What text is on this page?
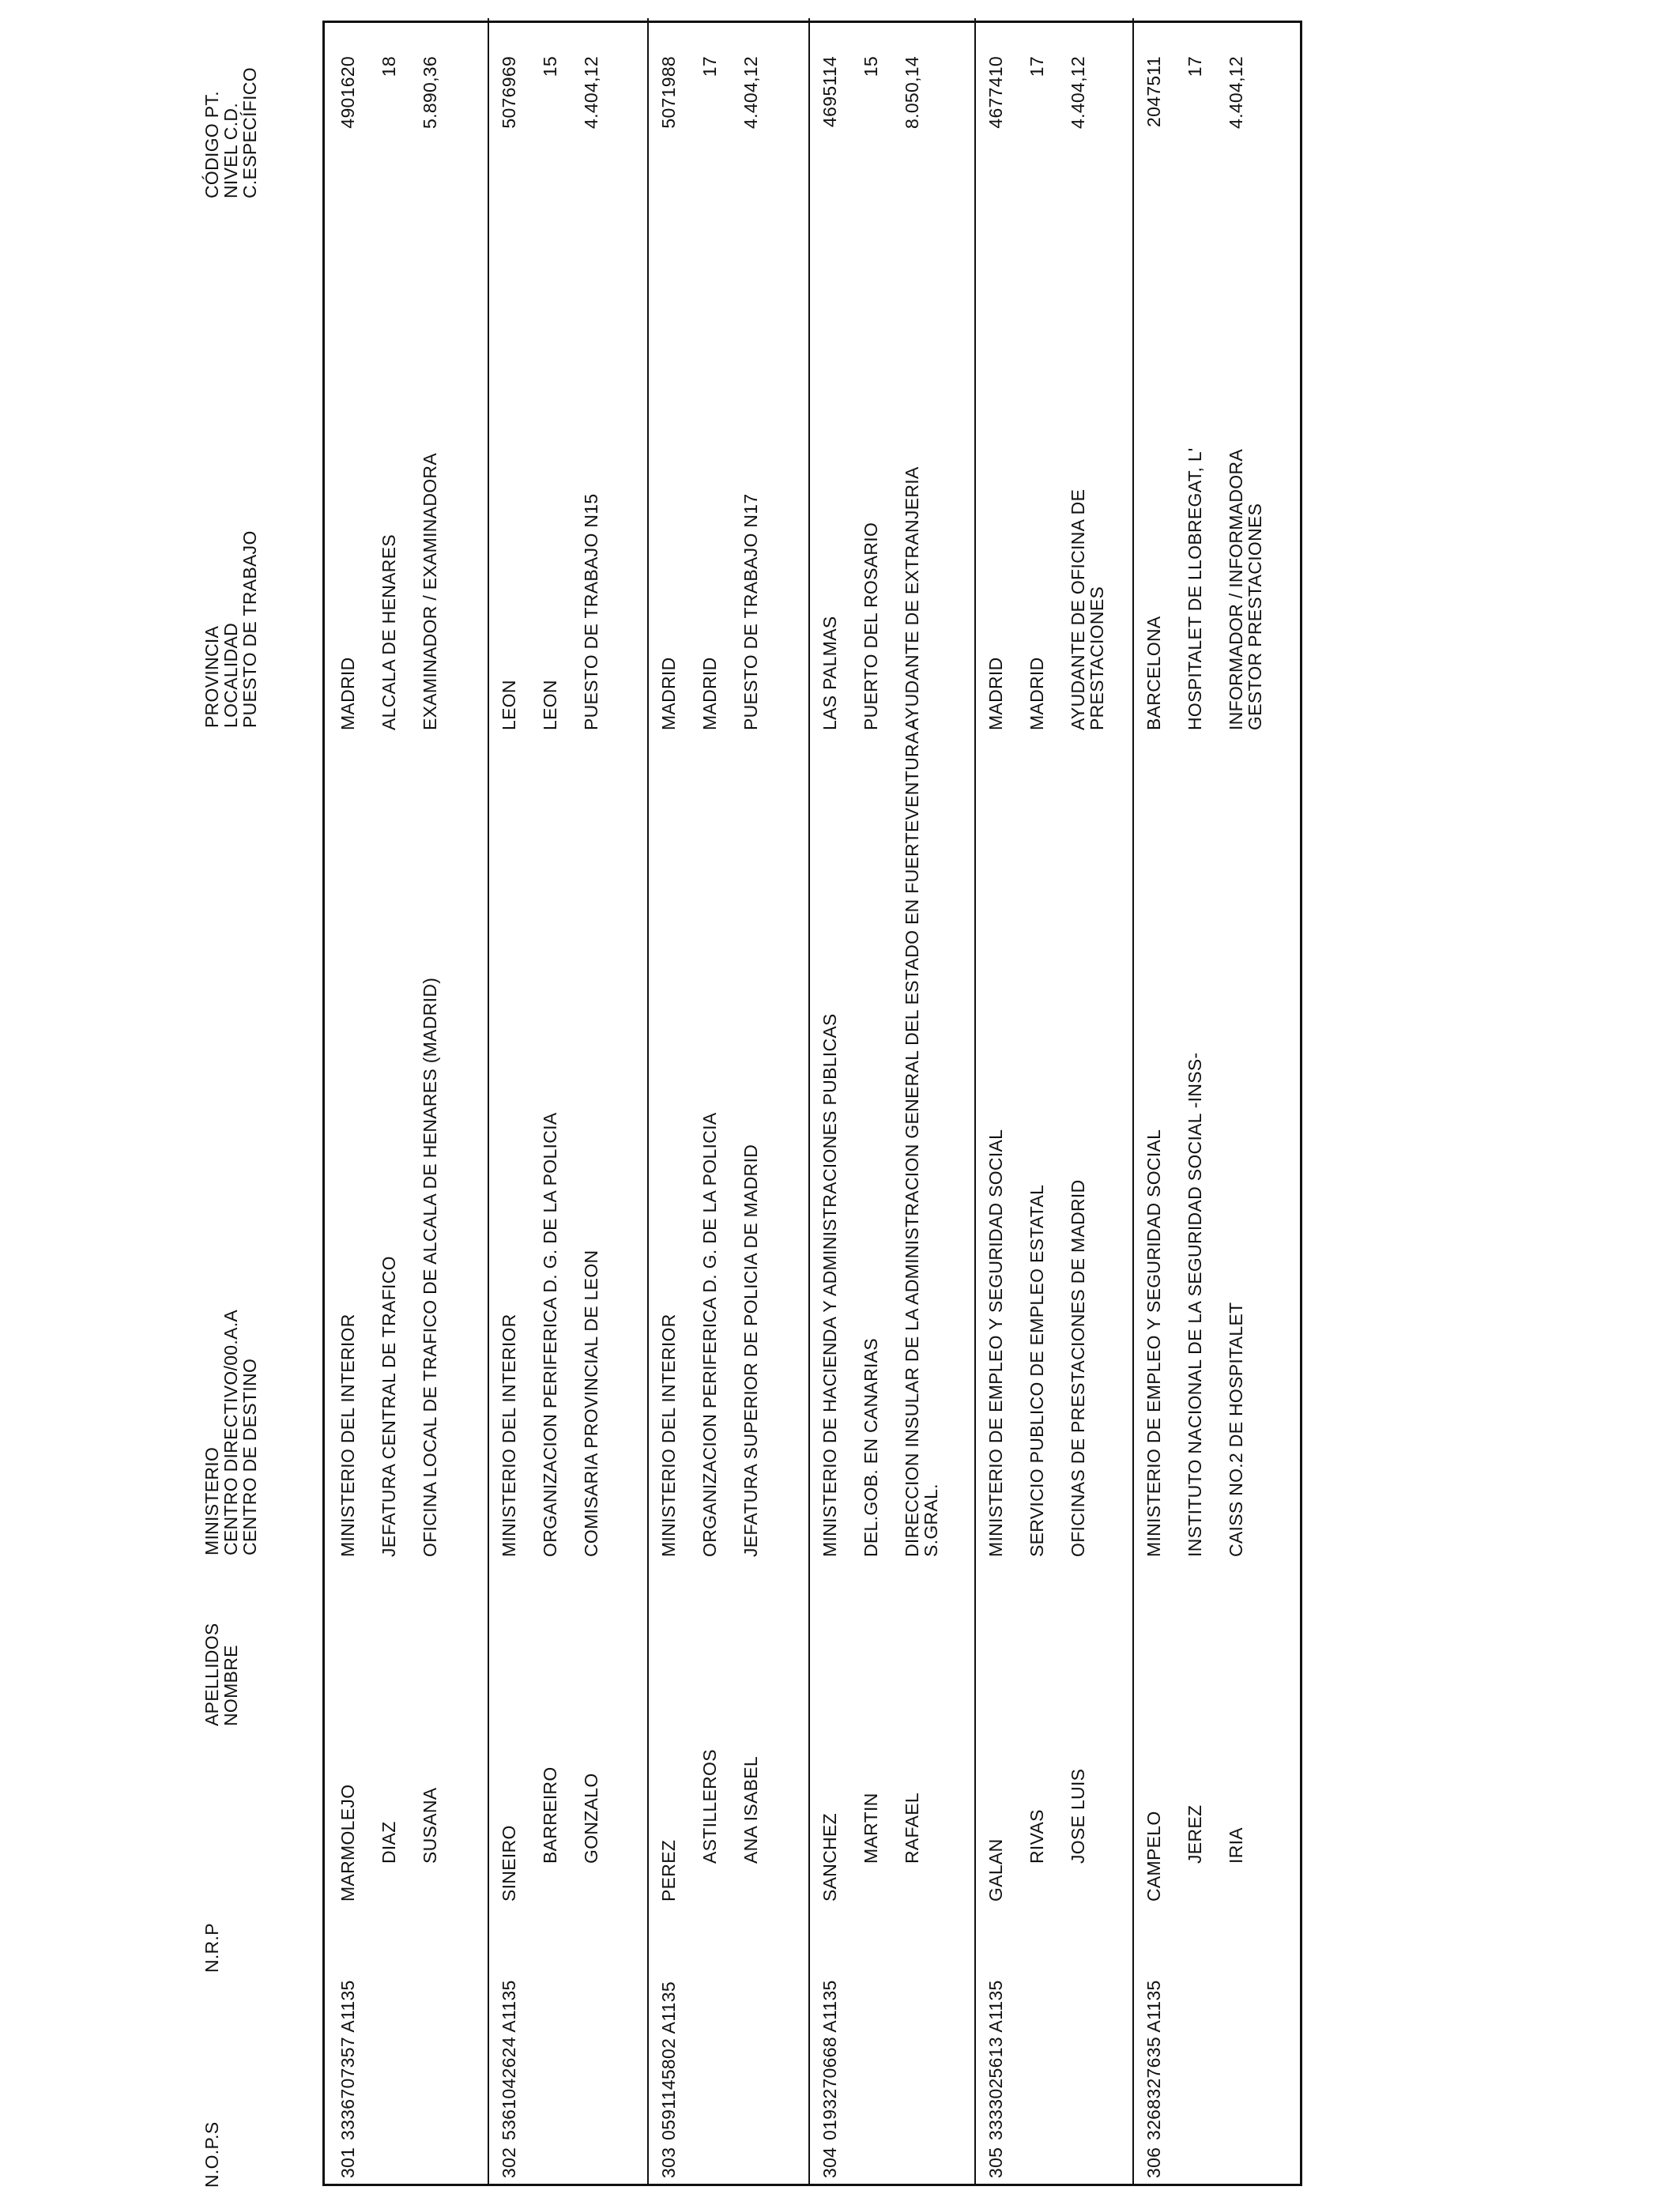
N.O.P.S
N.R.P
APELLIDOS
NOMBRE
MINISTERIO
CENTRO DIRECTIVO/00.A.A
CENTRO DE DESTINO
PROVINCIA
LOCALIDAD
PUESTO DE TRABAJO
CÓDIGO PT.
NIVEL C.D.
C.ESPECÍFICO
301
3336707357 A1135
MARMOLEJO DIAZ SUSANA
MINISTERIO DEL INTERIOR JEFATURA CENTRAL DE TRAFICO OFICINA LOCAL DE TRAFICO DE ALCALA DE HENARES (MADRID)
MADRID ALCALA DE HENARES EXAMINADOR / EXAMINADORA
4901620 18 5.890,36
302
5361042624 A1135
SINEIRO BARREIRO GONZALO
MINISTERIO DEL INTERIOR ORGANIZACION PERIFERICA D. G. DE LA POLICIA COMISARIA PROVINCIAL DE LEON
LEON LEON PUESTO DE TRABAJO N15
5076969 15 4.404,12
303
0591145802 A1135
PEREZ
ASTILLEROS ANA ISABEL
MINISTERIO DEL INTERIOR ORGANIZACION PERIFERICA D. G. DE LA POLICIA JEFATURA SUPERIOR DE POLICIA DE MADRID
MADRID MADRID PUESTO DE TRABAJO N17
5071988 17 4.404,12
304
0193270668 A1135
SANCHEZ MARTIN RAFAEL
MINISTERIO DE HACIENDA Y ADMINISTRACIONES PUBLICAS DEL.GOB. EN CANARIAS DIRECCION INSULAR DE LA ADMINISTRACION GENERAL DEL ESTADO EN FUERTEVENTURA - S.GRAL.
LAS PALMAS PUERTO DEL ROSARIO AYUDANTE DE EXTRANJERIA
4695114 15 8.050,14
305
3333025613 A1135
GALAN
RIVAS JOSE LUIS
MINISTERIO DE EMPLEO Y SEGURIDAD SOCIAL SERVICIO PUBLICO DE EMPLEO ESTATAL OFICINAS DE PRESTACIONES DE MADRID
MADRID MADRID AYUDANTE DE OFICINA DE PRESTACIONES
4677410 17 4.404,12
306
3268327635 A1135
CAMPELO JEREZ IRIA
MINISTERIO DE EMPLEO Y SEGURIDAD SOCIAL INSTITUTO NACIONAL DE LA SEGURIDAD SOCIAL -INSS- CAISS NO.2 DE HOSPITALET
BARCELONA HOSPITALET DE LLOBREGAT, L' INFORMADOR / INFORMADORA GESTOR PRESTACIONES
2047511 17 4.404,12
